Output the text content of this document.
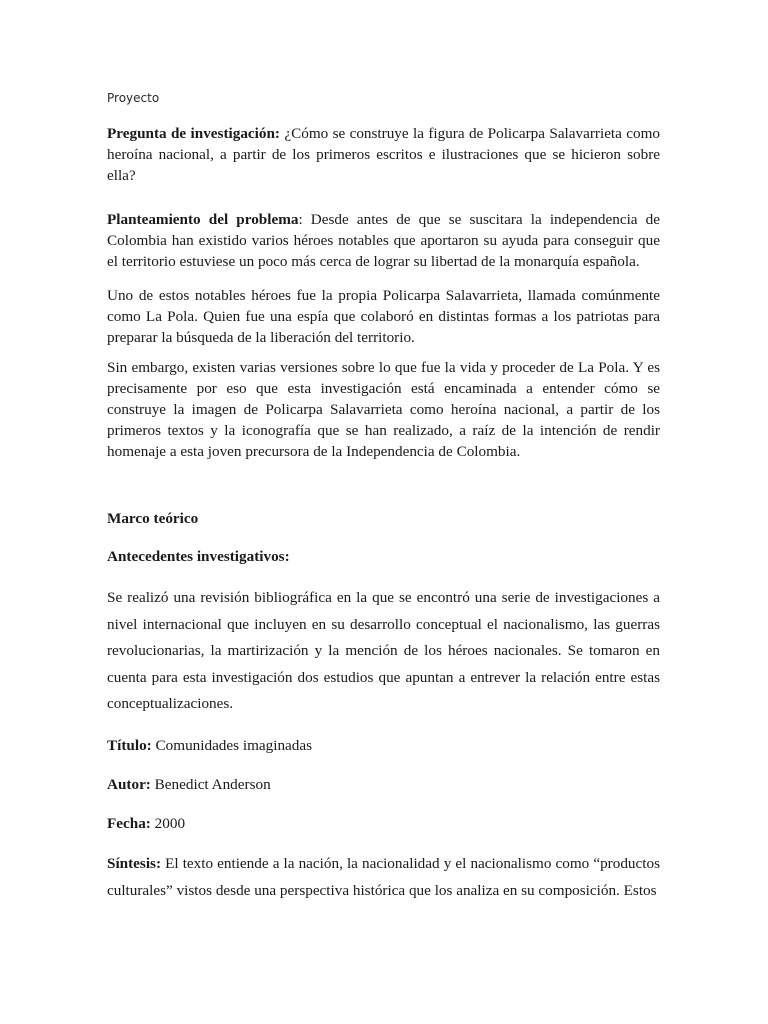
Proyecto

Pregunta de investigación: ¿Cómo se construye la figura de Policarpa Salavarrieta como heroína nacional, a partir de los primeros escritos e ilustraciones que se hicieron sobre ella?

Planteamiento del problema: Desde antes de que se suscitara la independencia de Colombia han existido varios héroes notables que aportaron su ayuda para conseguir que el territorio estuviese un poco más cerca de lograr su libertad de la monarquía española.

Uno de estos notables héroes fue la propia Policarpa Salavarrieta, llamada comúnmente como La Pola. Quien fue una espía que colaboró en distintas formas a los patriotas para preparar la búsqueda de la liberación del territorio.

Sin embargo, existen varias versiones sobre lo que fue la vida y proceder de La Pola. Y es precisamente por eso que esta investigación está encaminada a entender cómo se construye la imagen de Policarpa Salavarrieta como heroína nacional, a partir de los primeros textos y la iconografía que se han realizado, a raíz de la intención de rendir homenaje a esta joven precursora de la Independencia de Colombia.

Marco teórico

Antecedentes investigativos:

Se realizó una revisión bibliográfica en la que se encontró una serie de investigaciones a nivel internacional que incluyen en su desarrollo conceptual el nacionalismo, las guerras revolucionarias, la martirización y la mención de los héroes nacionales. Se tomaron en cuenta para esta investigación dos estudios que apuntan a entrever la relación entre estas conceptualizaciones.

Título: Comunidades imaginadas

Autor: Benedict Anderson

Fecha: 2000

Síntesis: El texto entiende a la nación, la nacionalidad y el nacionalismo como “productos culturales” vistos desde una perspectiva histórica que los analiza en su composición. Estos
